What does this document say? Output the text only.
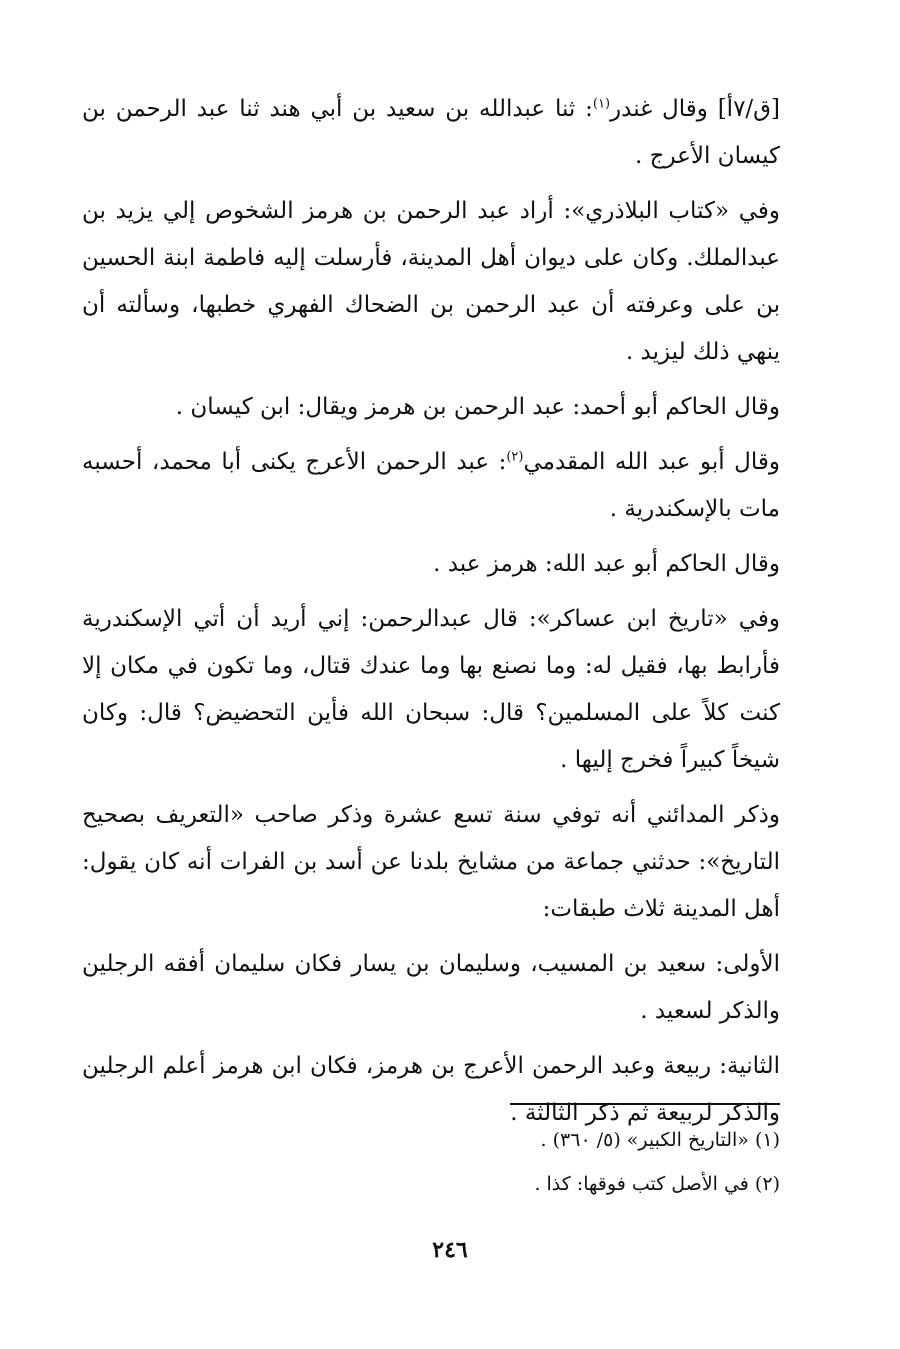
[ق/٧أ] وقال غندر$^{(١)}$: ثنا عبدالله بن سعيد بن أبي هند ثنا عبد الرحمن بن كيسان الأعرج .

وفي «كتاب البلاذري»: أراد عبد الرحمن بن هرمز الشخوص إلي يزيد بن عبدالملك. وكان على ديوان أهل المدينة، فأرسلت إليه فاطمة ابنة الحسين بن على وعرفته أن عبد الرحمن بن الضحاك الفهري خطبها، وسألته أن ينهي ذلك ليزيد .

وقال الحاكم أبو أحمد: عبد الرحمن بن هرمز ويقال: ابن كيسان .

وقال أبو عبد الله المقدمي$^{(٢)}$: عبد الرحمن الأعرج يكنى أبا محمد، أحسبه مات بالإسكندرية .

وقال الحاكم أبو عبد الله: هرمز عبد .

وفي «تاريخ ابن عساكر»: قال عبدالرحمن: إني أريد أن أتي الإسكندرية فأرابط بها، فقيل له: وما نصنع بها وما عندك قتال، وما تكون في مكان إلا كنت كلاً على المسلمين؟ قال: سبحان الله فأين التحضيض؟ قال: وكان شيخاً كبيراً فخرج إليها .

وذكر المدائني أنه توفي سنة تسع عشرة وذكر صاحب «التعريف بصحيح التاريخ»: حدثني جماعة من مشايخ بلدنا عن أسد بن الفرات أنه كان يقول: أهل المدينة ثلاث طبقات:

الأولى: سعيد بن المسيب، وسليمان بن يسار فكان سليمان أفقه الرجلين والذكر لسعيد .

الثانية: ربيعة وعبد الرحمن الأعرج بن هرمز، فكان ابن هرمز أعلم الرجلين والذكر لربيعة ثم ذكر الثالثة .

(١) «التاريخ الكبير» (٥/ ٣٦٠) .

(٢) في الأصل كتب فوقها: كذا .

٢٤٦
